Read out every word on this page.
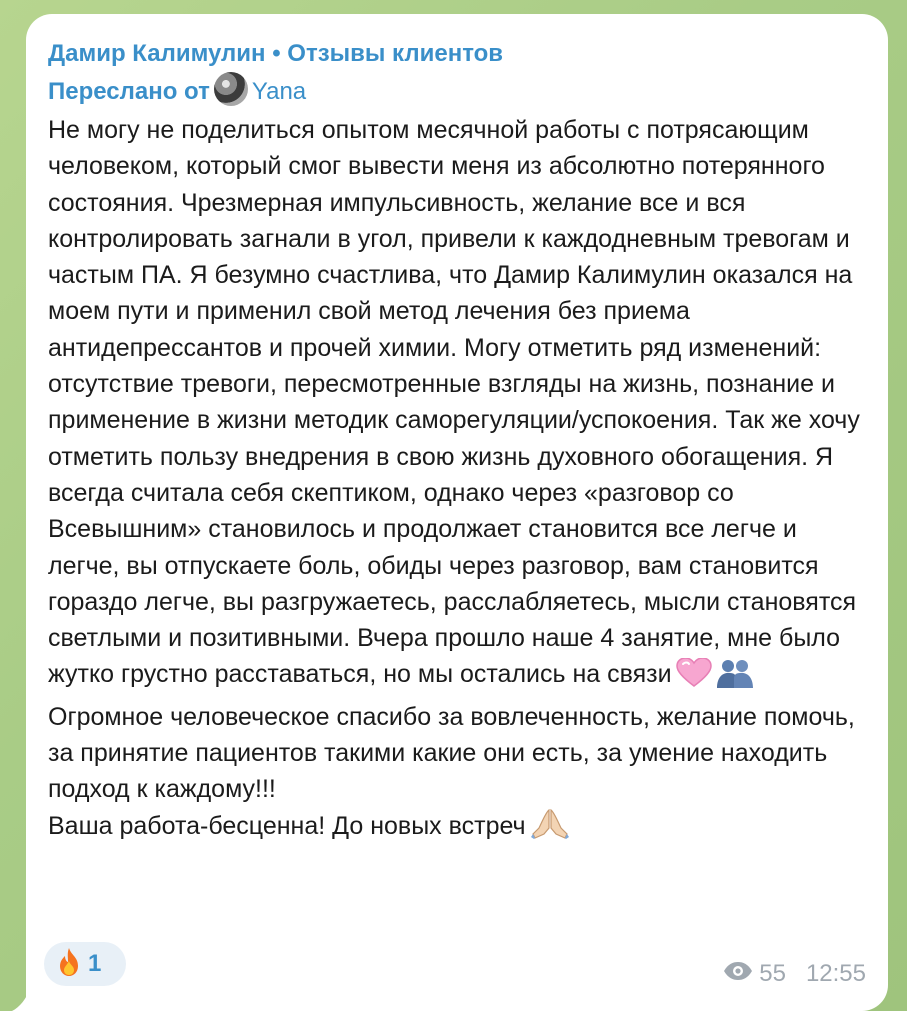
Дамир Калимулин • Отзывы клиентов
Переслано от Yana

Не могу не поделиться опытом месячной работы с потрясающим человеком, который смог вывести меня из абсолютно потерянного состояния. Чрезмерная импульсивность, желание все и вся контролировать загнали в угол, привели к каждодневным тревогам и частым ПА. Я безумно счастлива, что Дамир Калимулин оказался на моем пути и применил свой метод лечения без приема антидепрессантов и прочей химии. Могу отметить ряд изменений: отсутствие тревоги, пересмотренные взгляды на жизнь, познание и применение в жизни методик саморегуляции/успокоения. Так же хочу отметить пользу внедрения в свою жизнь духовного обогащения. Я всегда считала себя скептиком, однако через «разговор со Всевышним» становилось и продолжает становится все легче и легче, вы отпускаете боль, обиды через разговор, вам становится гораздо легче, вы разгружаетесь, расслабляетесь, мысли становятся светлыми и позитивными. Вчера прошло наше 4 занятие, мне было жутко грустно расставаться, но мы остались на связи

Огромное человеческое спасибо за вовлеченность, желание помочь, за принятие пациентов такими какие они есть, за умение находить подход к каждому!!!

Ваша работа-бесценна! До новых встреч

1	55 12:55
